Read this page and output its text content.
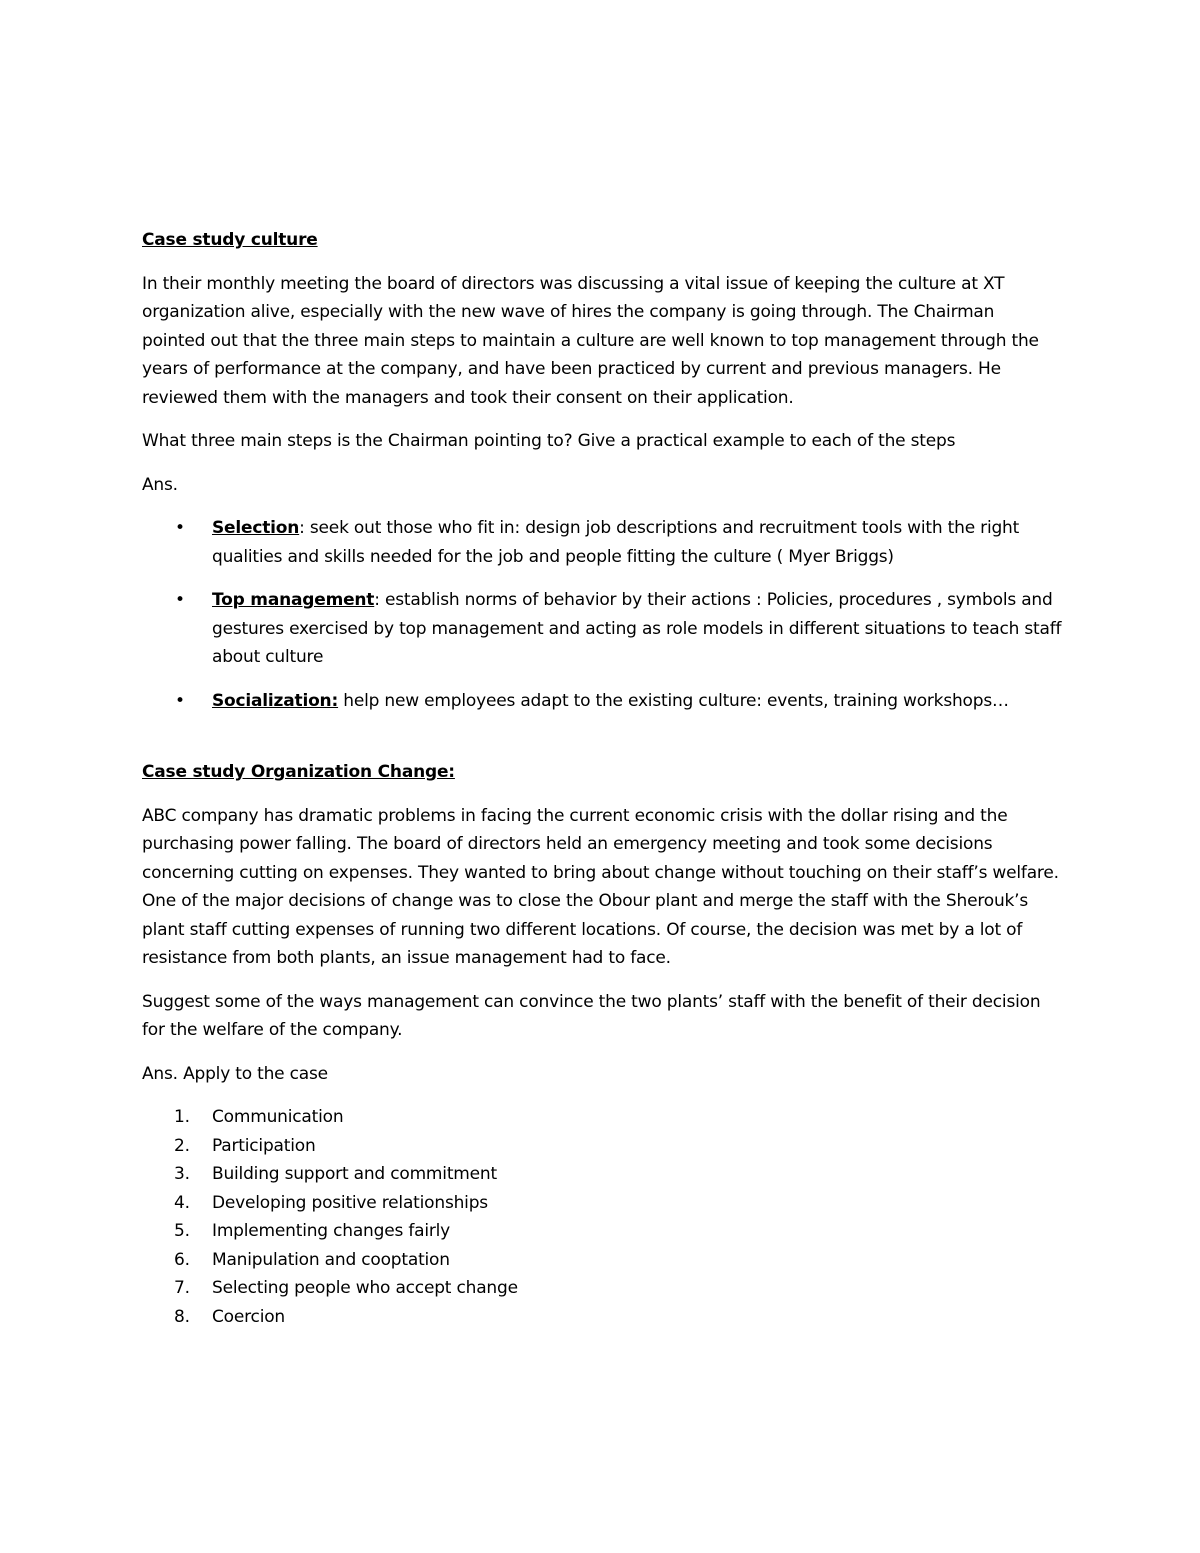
Case study culture

In their monthly meeting the board of directors was discussing a vital issue of keeping the culture at XT organization alive, especially with the new wave of hires the company is going through. The Chairman pointed out that the three main steps to maintain a culture are well known to top management through the years of performance at the company, and have been practiced by current and previous managers. He reviewed them with the managers and took their consent on their application.

What three main steps is the Chairman pointing to? Give a practical example to each of the steps

Ans.

• Selection: seek out those who fit in: design job descriptions and recruitment tools with the right qualities and skills needed for the job and people fitting the culture ( Myer Briggs)
• Top management: establish norms of behavior by their actions : Policies, procedures , symbols and gestures exercised by top management and acting as role models in different situations to teach staff about culture
• Socialization: help new employees adapt to the existing culture: events, training workshops…
Case study Organization Change:

ABC company has dramatic problems in facing the current economic crisis with the dollar rising and the purchasing power falling. The board of directors held an emergency meeting and took some decisions concerning cutting on expenses. They wanted to bring about change without touching on their staff’s welfare. One of the major decisions of change was to close the Obour plant and merge the staff with the Sherouk’s plant staff cutting expenses of running two different locations. Of course, the decision was met by a lot of resistance from both plants, an issue management had to face.

Suggest some of the ways management can convince the two plants’ staff with the benefit of their decision for the welfare of the company.

Ans. Apply to the case

1. Communication
2. Participation
3. Building support and commitment
4. Developing positive relationships
5. Implementing changes fairly
6. Manipulation and cooptation
7. Selecting people who accept change
8. Coercion
